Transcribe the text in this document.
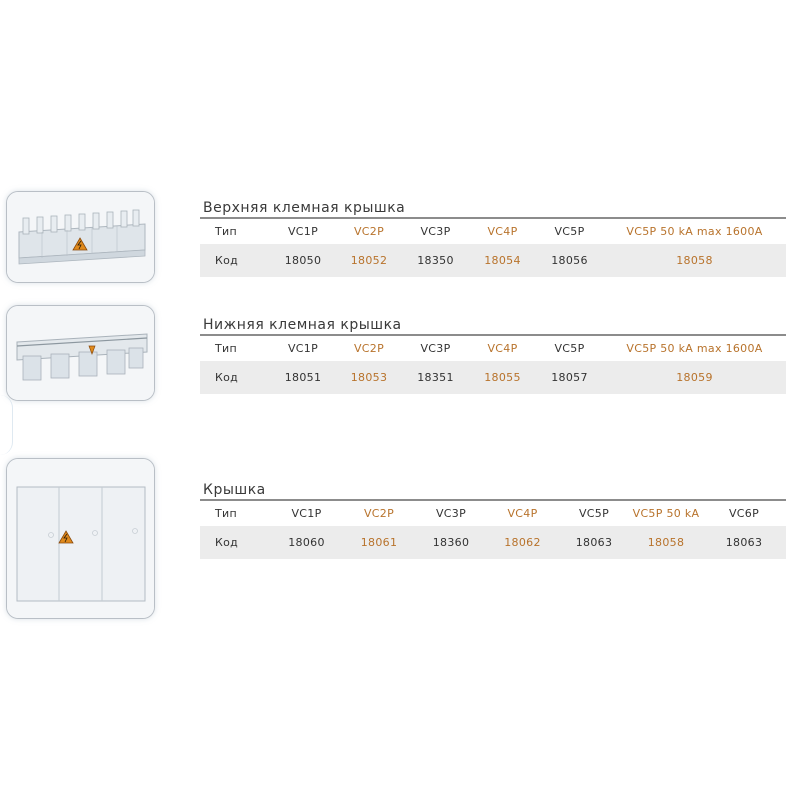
Верхняя клемная крышка
Тип	VC1P	VC2P	VC3P	VC4P	VC5P	VC5P 50 kA max 1600A
Код	18050	18052	18350	18054	18056	18058
Нижняя клемная крышка
Тип	VC1P	VC2P	VC3P	VC4P	VC5P	VC5P 50 kA max 1600A
Код	18051	18053	18351	18055	18057	18059
Крышка
Тип	VC1P	VC2P	VC3P	VC4P	VC5P	VC5P 50 kA	VC6P
Код	18060	18061	18360	18062	18063	18058	18063
